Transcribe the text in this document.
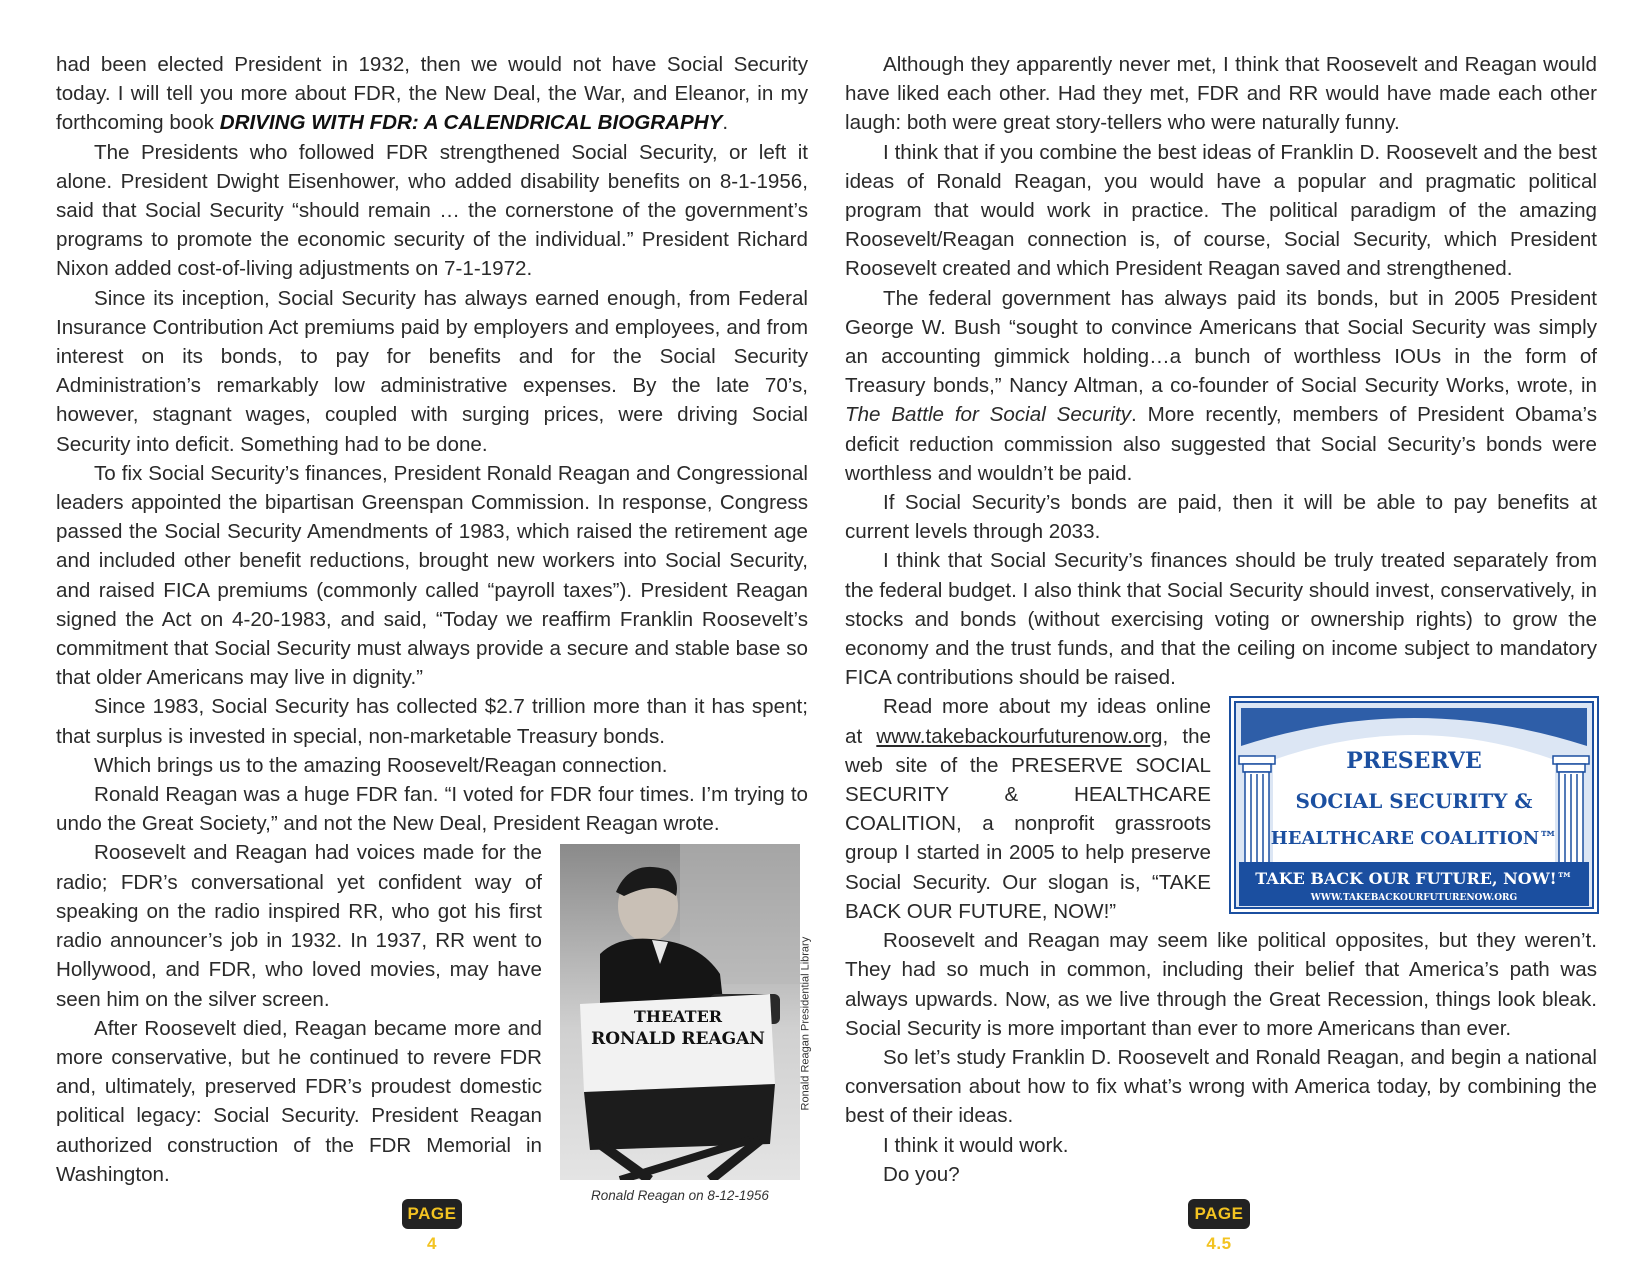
had been elected President in 1932, then we would not have Social Security today. I will tell you more about FDR, the New Deal, the War, and Eleanor, in my forthcoming book DRIVING WITH FDR: A CALENDRICAL BIOGRAPHY.

The Presidents who followed FDR strengthened Social Security, or left it alone. President Dwight Eisenhower, who added disability benefits on 8-1-1956, said that Social Security “should remain … the cornerstone of the government’s programs to promote the economic security of the individual.” President Richard Nixon added cost-of-living adjustments on 7-1-1972.

Since its inception, Social Security has always earned enough, from Federal Insurance Contribution Act premiums paid by employers and employees, and from interest on its bonds, to pay for benefits and for the Social Security Administration’s remarkably low administrative expenses. By the late 70’s, however, stagnant wages, coupled with surging prices, were driving Social Security into deficit. Something had to be done.

To fix Social Security’s finances, President Ronald Reagan and Congressional leaders appointed the bipartisan Greenspan Commission. In response, Congress passed the Social Security Amendments of 1983, which raised the retirement age and included other benefit reductions, brought new workers into Social Security, and raised FICA premiums (commonly called “payroll taxes”). President Reagan signed the Act on 4-20-1983, and said, “Today we reaffirm Franklin Roosevelt’s commitment that Social Security must always provide a secure and stable base so that older Americans may live in dignity.”

Since 1983, Social Security has collected $2.7 trillion more than it has spent; that surplus is invested in special, non-marketable Treasury bonds.

Which brings us to the amazing Roosevelt/Reagan connection.

Ronald Reagan was a huge FDR fan. “I voted for FDR four times. I’m trying to undo the Great Society,” and not the New Deal, President Reagan wrote.

THEATER
RONALD REAGAN	Ronald Reagan Presidential Library
Ronald Reagan on 8-12-1956

Roosevelt and Reagan had voices made for the radio; FDR’s conversational yet confident way of speaking on the radio inspired RR, who got his first radio announcer’s job in 1932. In 1937, RR went to Hollywood, and FDR, who loved movies, may have seen him on the silver screen.

After Roosevelt died, Reagan became more and more conservative, but he continued to revere FDR and, ultimately, preserved FDR’s proudest domestic political legacy: Social Security. President Reagan authorized construction of the FDR Memorial in Washington.

Although they apparently never met, I think that Roosevelt and Reagan would have liked each other. Had they met, FDR and RR would have made each other laugh: both were great story-tellers who were naturally funny.

I think that if you combine the best ideas of Franklin D. Roosevelt and the best ideas of Ronald Reagan, you would have a popular and pragmatic political program that would work in practice. The political paradigm of the amazing Roosevelt/Reagan connection is, of course, Social Security, which President Roosevelt created and which President Reagan saved and strengthened.

The federal government has always paid its bonds, but in 2005 President George W. Bush “sought to convince Americans that Social Security was simply an accounting gimmick holding…a bunch of worthless IOUs in the form of Treasury bonds,” Nancy Altman, a co-founder of Social Security Works, wrote, in The Battle for Social Security. More recently, members of President Obama’s deficit reduction commission also suggested that Social Security’s bonds were worthless and wouldn’t be paid.

If Social Security’s bonds are paid, then it will be able to pay benefits at current levels through 2033.

I think that Social Security’s finances should be truly treated separately from the federal budget. I also think that Social Security should invest, conservatively, in stocks and bonds (without exercising voting or ownership rights) to grow the economy and the trust funds, and that the ceiling on income subject to mandatory FICA contributions should be raised.

PRESERVE
SOCIAL SECURITY &
HEALTHCARE COALITION™
TAKE BACK OUR FUTURE, NOW!™
WWW.TAKEBACKOURFUTURENOW.ORG

Read more about my ideas online at www.takebackourfuturenow.org, the web site of the PRESERVE SOCIAL SECURITY & HEALTHCARE COALITION, a nonprofit grassroots group I started in 2005 to help preserve Social Security. Our slogan is, “TAKE BACK OUR FUTURE, NOW!”

Roosevelt and Reagan may seem like political opposites, but they weren’t. They had so much in common, including their belief that America’s path was always upwards. Now, as we live through the Great Recession, things look bleak. Social Security is more important than ever to more Americans than ever.

So let’s study Franklin D. Roosevelt and Ronald Reagan, and begin a national conversation about how to fix what’s wrong with America today, by combining the best of their ideas.

I think it would work.

Do you?

PAGE 4
PAGE 4.5
